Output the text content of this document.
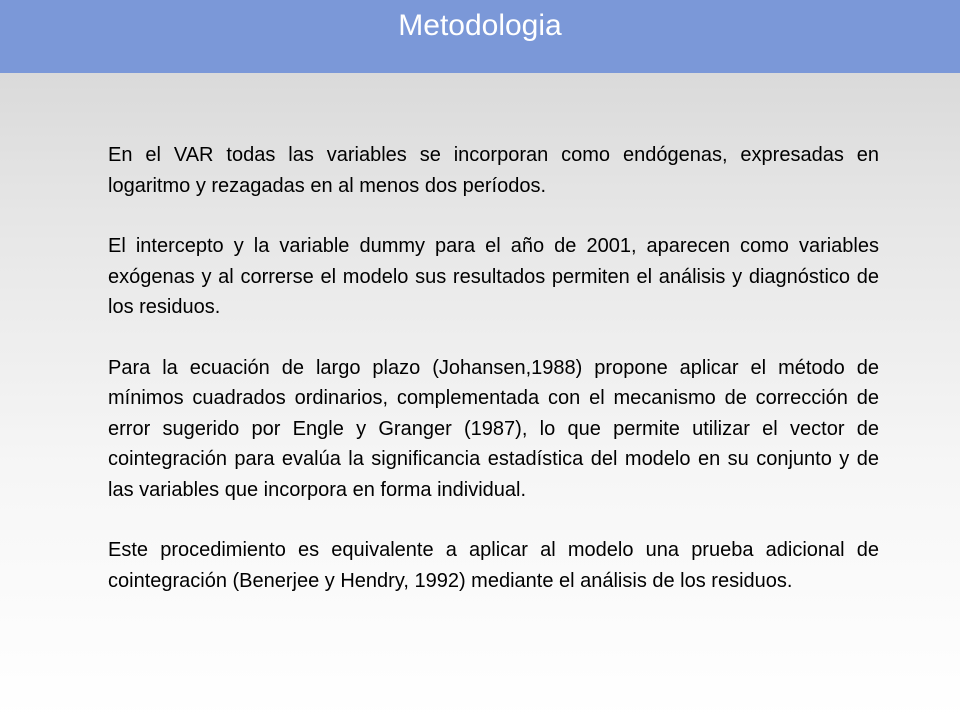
Metodologia

En el VAR todas las variables se incorporan como endógenas, expresadas en logaritmo y rezagadas en al menos dos períodos.

El intercepto y la variable dummy para el año de 2001, aparecen como variables exógenas y al correrse el modelo sus resultados permiten el análisis y diagnóstico de los residuos.

Para la ecuación de largo plazo (Johansen,1988) propone aplicar el método de mínimos cuadrados ordinarios, complementada con el mecanismo de corrección de error sugerido por Engle y Granger (1987), lo que permite utilizar el vector de cointegración para evalúa la significancia estadística del modelo en su conjunto y de las variables que incorpora en forma individual.

Este procedimiento es equivalente a aplicar al modelo una prueba adicional de cointegración (Benerjee y Hendry, 1992) mediante el análisis de los residuos.
